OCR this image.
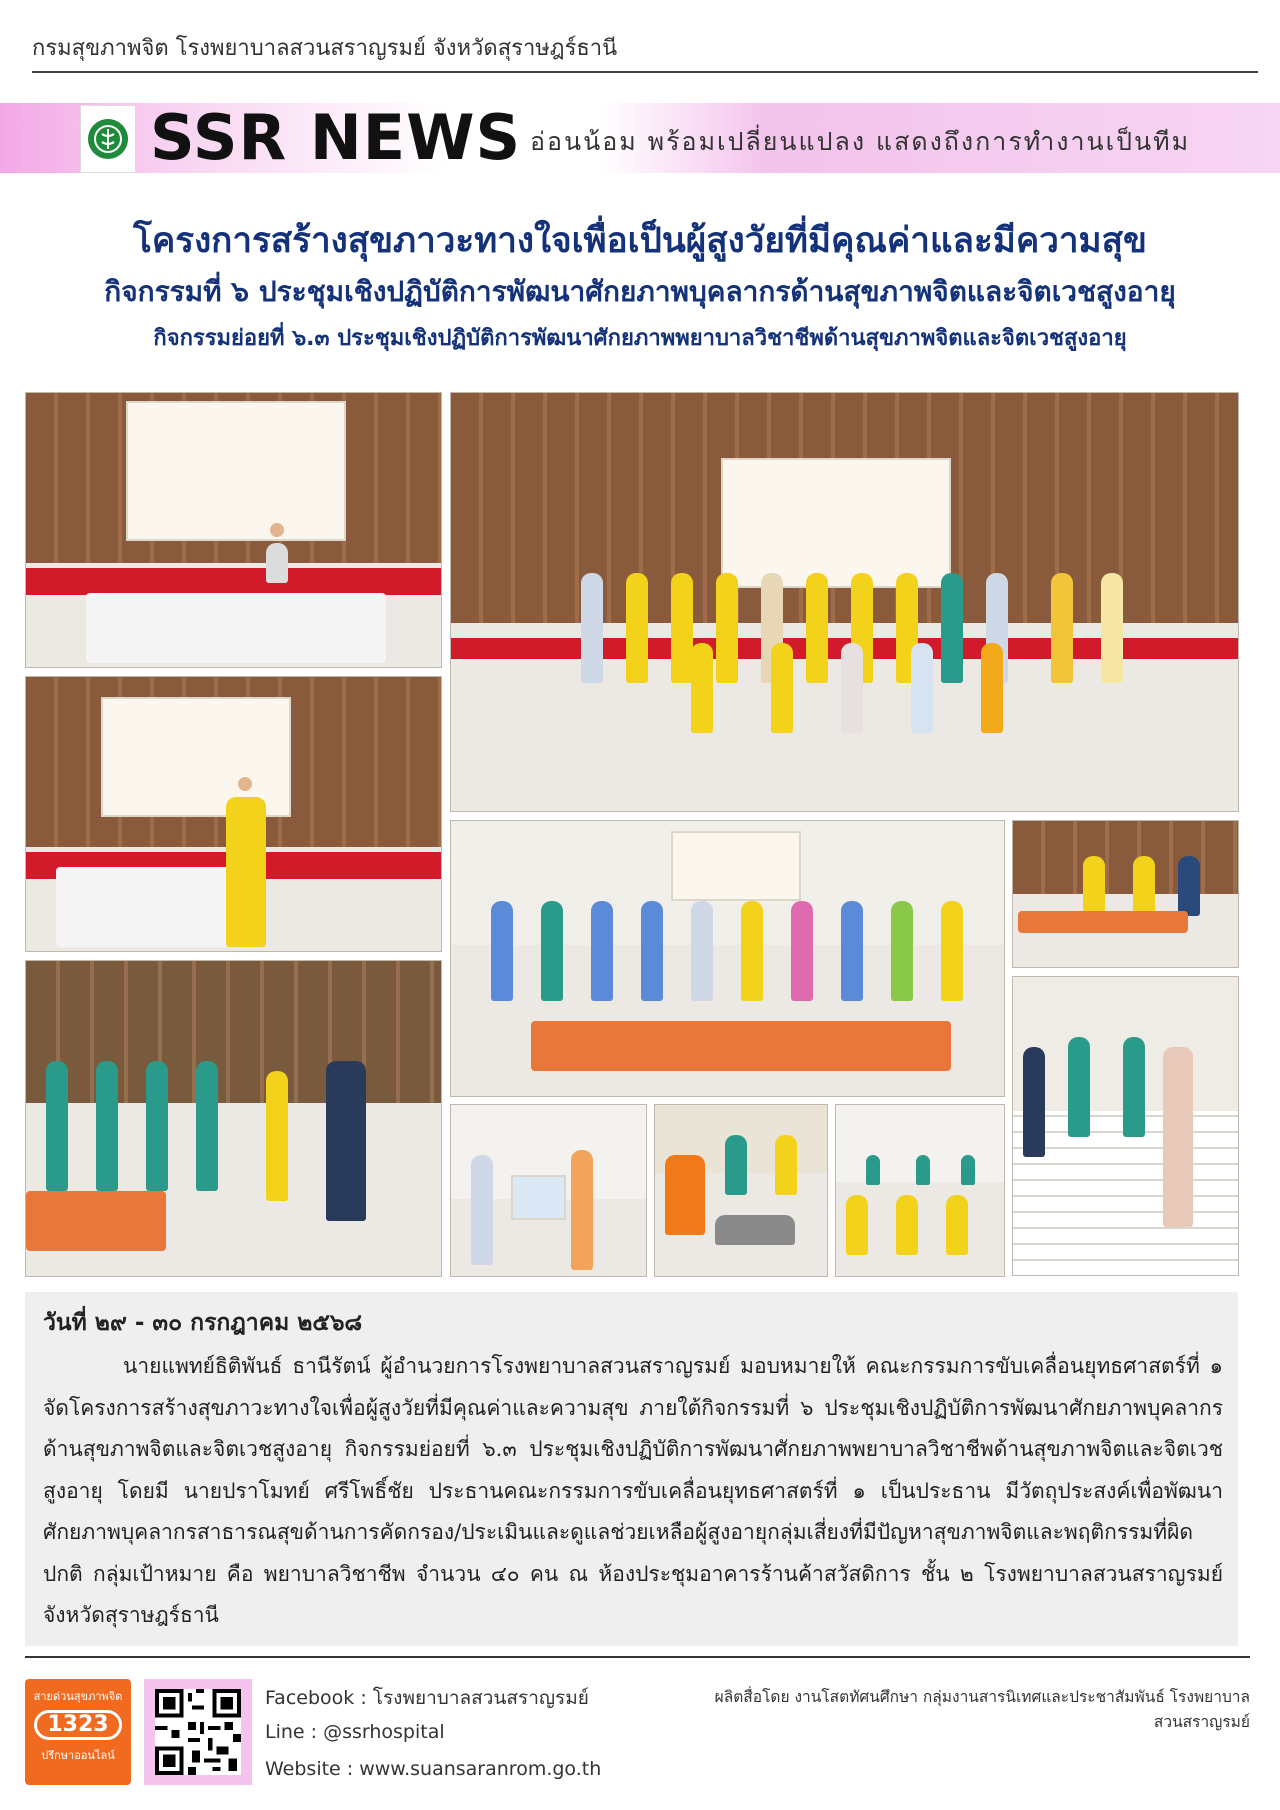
กรมสุขภาพจิต โรงพยาบาลสวนสราญรมย์ จังหวัดสุราษฎร์ธานี
SSR NEWS อ่อนน้อม พร้อมเปลี่ยนแปลง แสดงถึงการทำงานเป็นทีม
โครงการสร้างสุขภาวะทางใจเพื่อเป็นผู้สูงวัยที่มีคุณค่าและมีความสุข
กิจกรรมที่ ๖ ประชุมเชิงปฏิบัติการพัฒนาศักยภาพบุคลากรด้านสุขภาพจิตและจิตเวชสูงอายุ
กิจกรรมย่อยที่ ๖.๓ ประชุมเชิงปฏิบัติการพัฒนาศักยภาพพยาบาลวิชาชีพด้านสุขภาพจิตและจิตเวชสูงอายุ
วันที่ ๒๙ - ๓๐ กรกฎาคม ๒๕๖๘
นายแพทย์ธิติพันธ์ ธานีรัตน์ ผู้อำนวยการโรงพยาบาลสวนสราญรมย์ มอบหมายให้ คณะกรรมการขับเคลื่อนยุทธศาสตร์ที่ ๑ จัดโครงการสร้างสุขภาวะทางใจเพื่อผู้สูงวัยที่มีคุณค่าและความสุข ภายใต้กิจกรรมที่ ๖ ประชุมเชิงปฏิบัติการพัฒนาศักยภาพบุคลากรด้านสุขภาพจิตและจิตเวชสูงอายุ กิจกรรมย่อยที่ ๖.๓ ประชุมเชิงปฏิบัติการพัฒนาศักยภาพพยาบาลวิชาชีพด้านสุขภาพจิตและจิตเวชสูงอายุ โดยมี นายปราโมทย์ ศรีโพธิ์ชัย ประธานคณะกรรมการขับเคลื่อนยุทธศาสตร์ที่ ๑ เป็นประธาน มีวัตถุประสงค์เพื่อพัฒนาศักยภาพบุคลากรสาธารณสุขด้านการคัดกรอง/ประเมินและดูแลช่วยเหลือผู้สูงอายุกลุ่มเสี่ยงที่มีปัญหาสุขภาพจิตและพฤติกรรมที่ผิดปกติ กลุ่มเป้าหมาย คือ พยาบาลวิชาชีพ จำนวน ๔๐ คน ณ ห้องประชุมอาคารร้านค้าสวัสดิการ ชั้น ๒ โรงพยาบาลสวนสราญรมย์ จังหวัดสุราษฎร์ธานี
สายด่วนสุขภาพจิต
1323
ปรึกษาออนไลน์
Facebook : โรงพยาบาลสวนสราญรมย์
Line : @ssrhospital
Website : www.suansaranrom.go.th
ผลิตสื่อโดย งานโสตทัศนศึกษา กลุ่มงานสารนิเทศและประชาสัมพันธ์ โรงพยาบาลสวนสราญรมย์
